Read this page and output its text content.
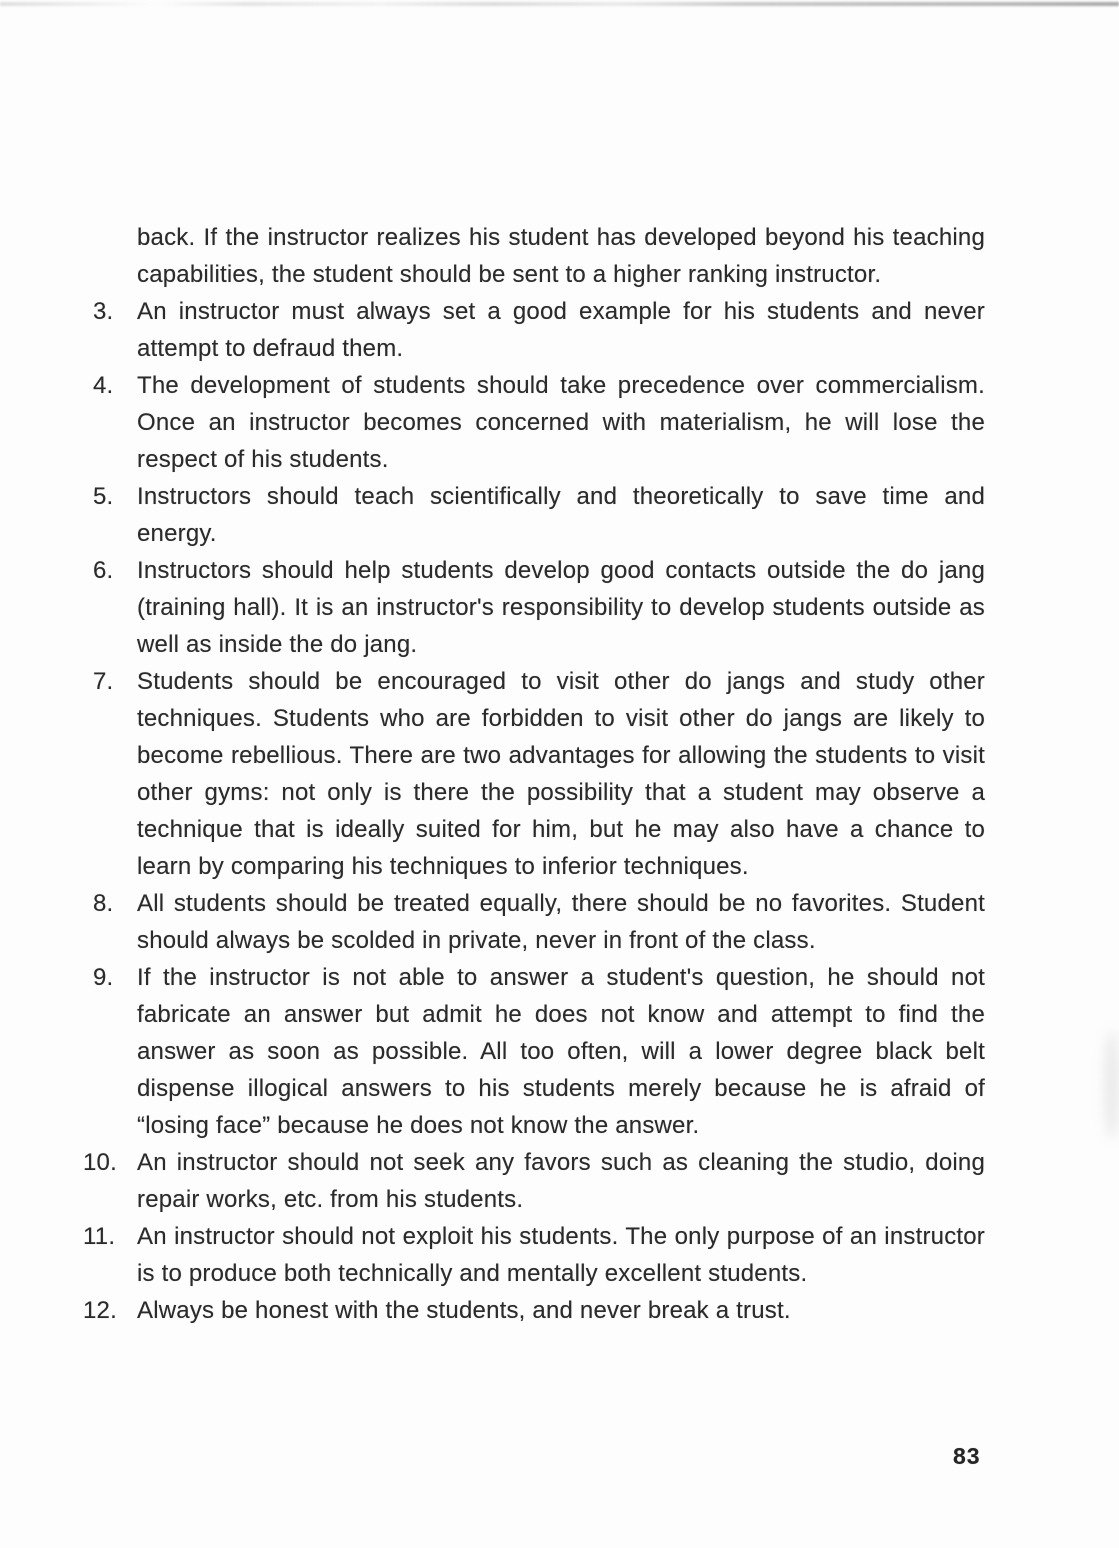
back. If the instructor realizes his student has developed beyond his teaching capabilities, the student should be sent to a higher ranking instructor.

3. An instructor must always set a good example for his students and never attempt to defraud them.
4. The development of students should take precedence over commercialism. Once an instructor becomes concerned with materialism, he will lose the respect of his students.
5. Instructors should teach scientifically and theoretically to save time and energy.
6. Instructors should help students develop good contacts outside the do jang (training hall). It is an instructor's responsibility to develop students outside as well as inside the do jang.
7. Students should be encouraged to visit other do jangs and study other techniques. Students who are forbidden to visit other do jangs are likely to become rebellious. There are two advantages for allowing the students to visit other gyms: not only is there the possibility that a student may observe a technique that is ideally suited for him, but he may also have a chance to learn by comparing his techniques to inferior techniques.
8. All students should be treated equally, there should be no favorites. Student should always be scolded in private, never in front of the class.
9. If the instructor is not able to answer a student's question, he should not fabricate an answer but admit he does not know and attempt to find the answer as soon as possible. All too often, will a lower degree black belt dispense illogical answers to his students merely because he is afraid of “losing face” because he does not know the answer.
10. An instructor should not seek any favors such as cleaning the studio, doing repair works, etc. from his students.
11. An instructor should not exploit his students. The only purpose of an instructor is to produce both technically and mentally excellent students.
12. Always be honest with the students, and never break a trust.
83
